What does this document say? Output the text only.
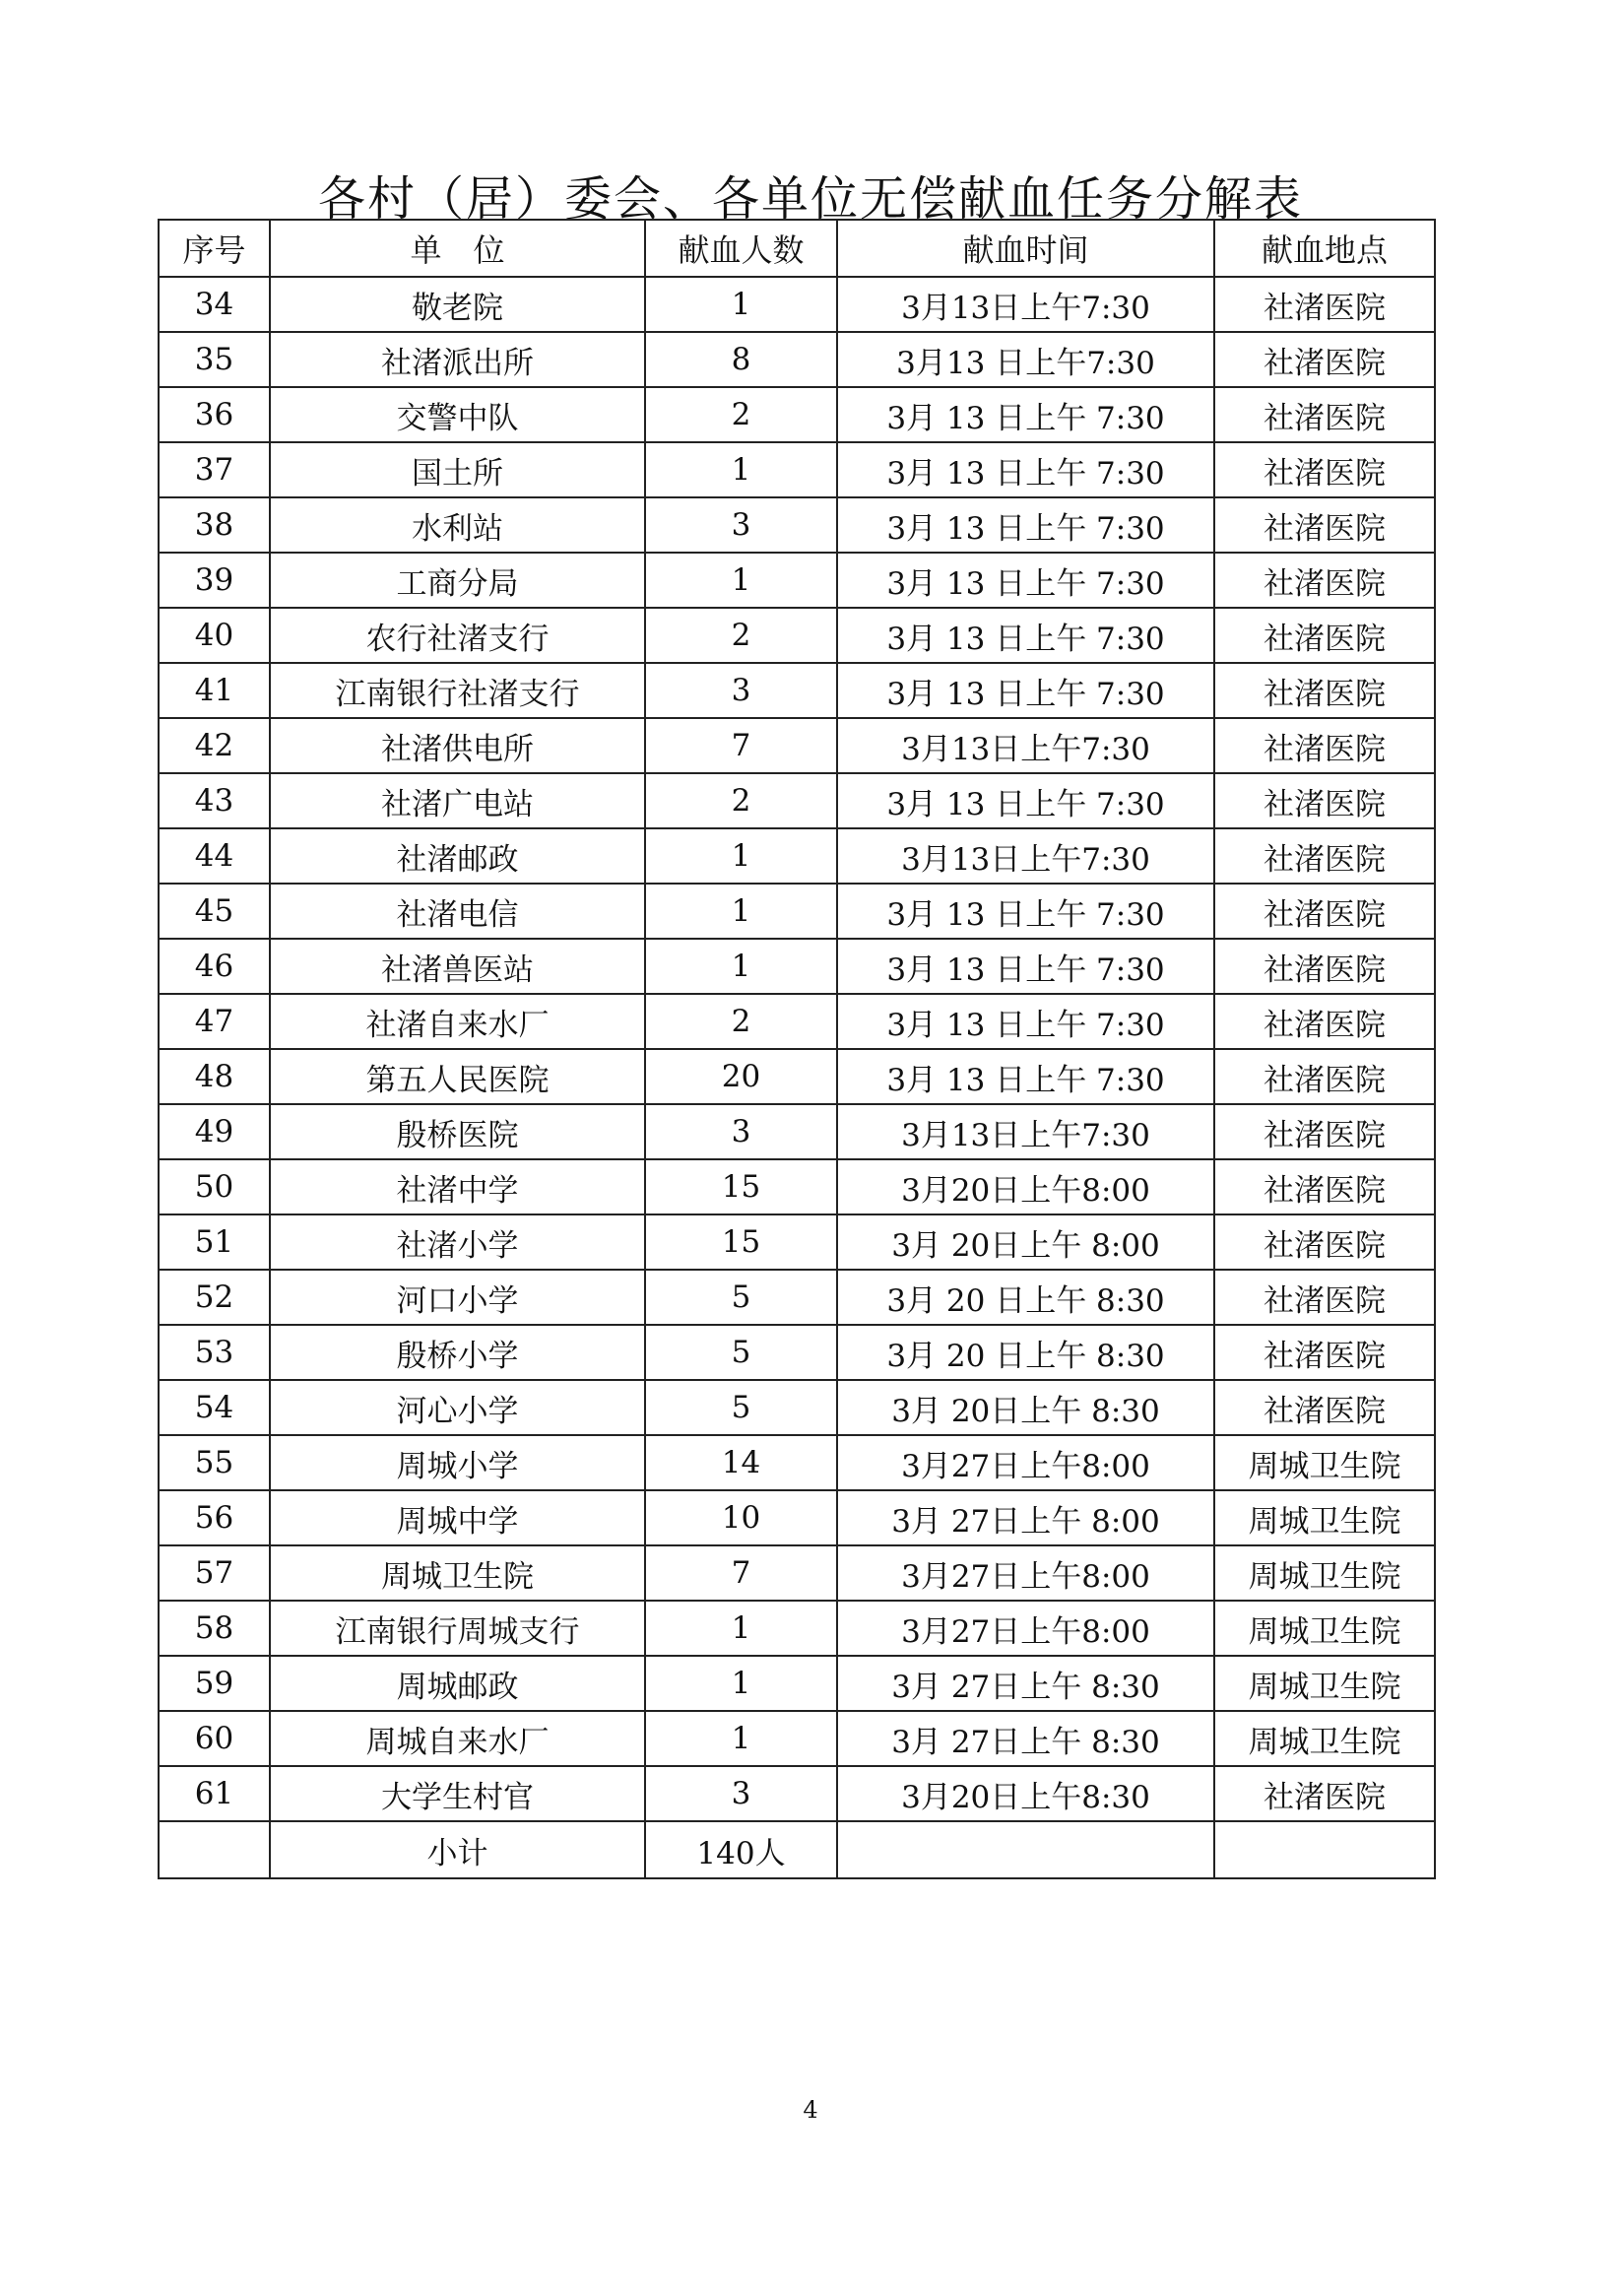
各村（居）委会、各单位无偿献血任务分解表
序号	单　位	献血人数	献血时间	献血地点
34	敬老院	1	3月13日上午7:30	社渚医院
35	社渚派出所	8	3月13 日上午7:30	社渚医院
36	交警中队	2	3月 13 日上午 7:30	社渚医院
37	国土所	1	3月 13 日上午 7:30	社渚医院
38	水利站	3	3月 13 日上午 7:30	社渚医院
39	工商分局	1	3月 13 日上午 7:30	社渚医院
40	农行社渚支行	2	3月 13 日上午 7:30	社渚医院
41	江南银行社渚支行	3	3月 13 日上午 7:30	社渚医院
42	社渚供电所	7	3月13日上午7:30	社渚医院
43	社渚广电站	2	3月 13 日上午 7:30	社渚医院
44	社渚邮政	1	3月13日上午7:30	社渚医院
45	社渚电信	1	3月 13 日上午 7:30	社渚医院
46	社渚兽医站	1	3月 13 日上午 7:30	社渚医院
47	社渚自来水厂	2	3月 13 日上午 7:30	社渚医院
48	第五人民医院	20	3月 13 日上午 7:30	社渚医院
49	殷桥医院	3	3月13日上午7:30	社渚医院
50	社渚中学	15	3月20日上午8:00	社渚医院
51	社渚小学	15	3月 20日上午 8:00	社渚医院
52	河口小学	5	3月 20 日上午 8:30	社渚医院
53	殷桥小学	5	3月 20 日上午 8:30	社渚医院
54	河心小学	5	3月 20日上午 8:30	社渚医院
55	周城小学	14	3月27日上午8:00	周城卫生院
56	周城中学	10	3月 27日上午 8:00	周城卫生院
57	周城卫生院	7	3月27日上午8:00	周城卫生院
58	江南银行周城支行	1	3月27日上午8:00	周城卫生院
59	周城邮政	1	3月 27日上午 8:30	周城卫生院
60	周城自来水厂	1	3月 27日上午 8:30	周城卫生院
61	大学生村官	3	3月20日上午8:30	社渚医院
	小计	140人		
4
